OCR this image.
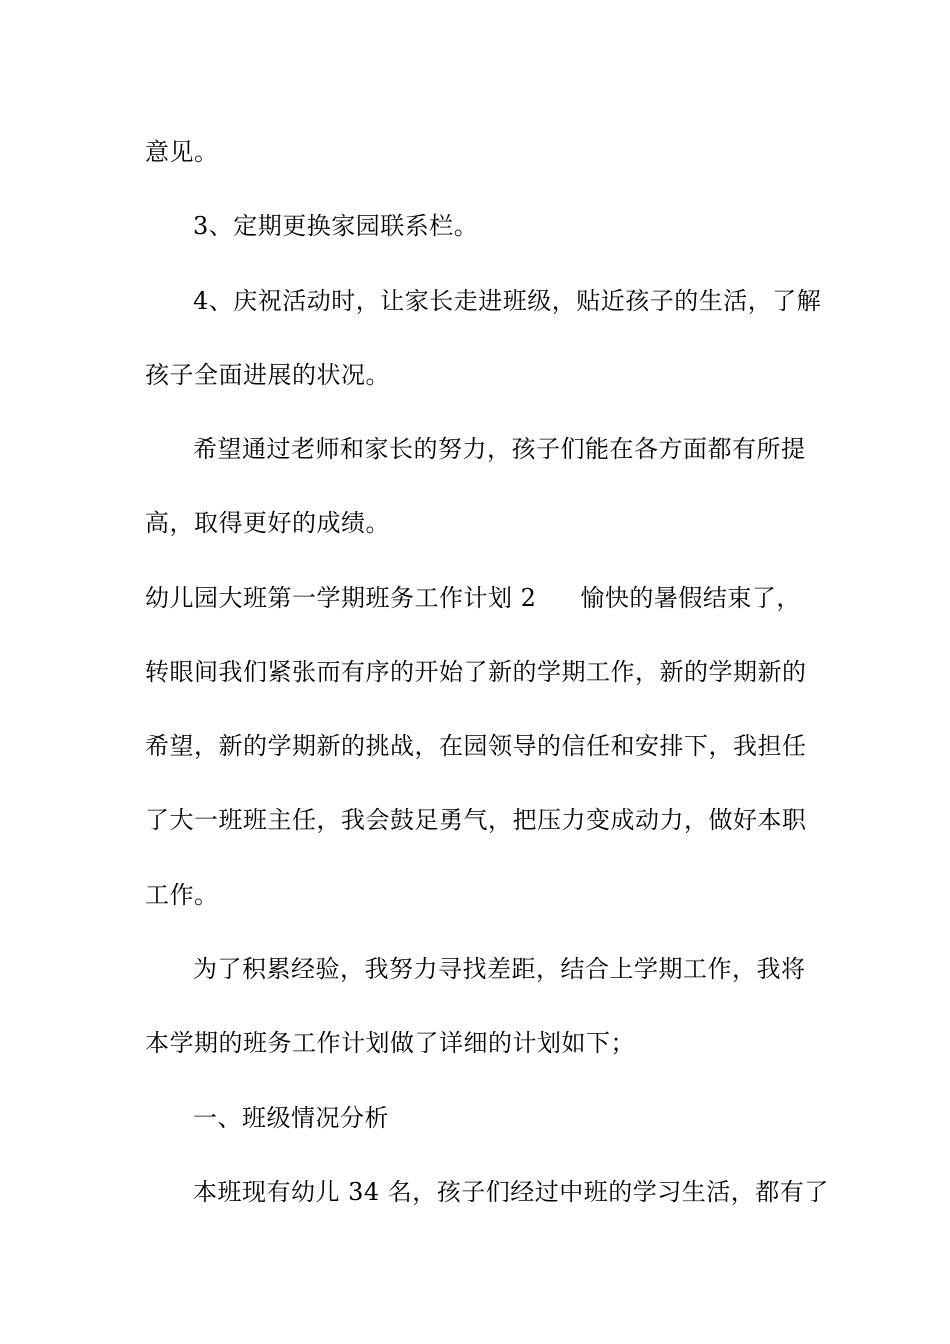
意见。
3、定期更换家园联系栏。
4、庆祝活动时，让家长走进班级，贴近孩子的生活，了解
孩子全面进展的状况。
希望通过老师和家长的努力，孩子们能在各方面都有所提
高，取得更好的成绩。
幼儿园大班第一学期班务工作计划 2 愉快的暑假结束了，
转眼间我们紧张而有序的开始了新的学期工作，新的学期新的
希望，新的学期新的挑战，在园领导的信任和安排下，我担任
了大一班班主任，我会鼓足勇气，把压力变成动力，做好本职
工作。
为了积累经验，我努力寻找差距，结合上学期工作，我将
本学期的班务工作计划做了详细的计划如下；
一、班级情况分析
本班现有幼儿 34 名，孩子们经过中班的学习生活，都有了
